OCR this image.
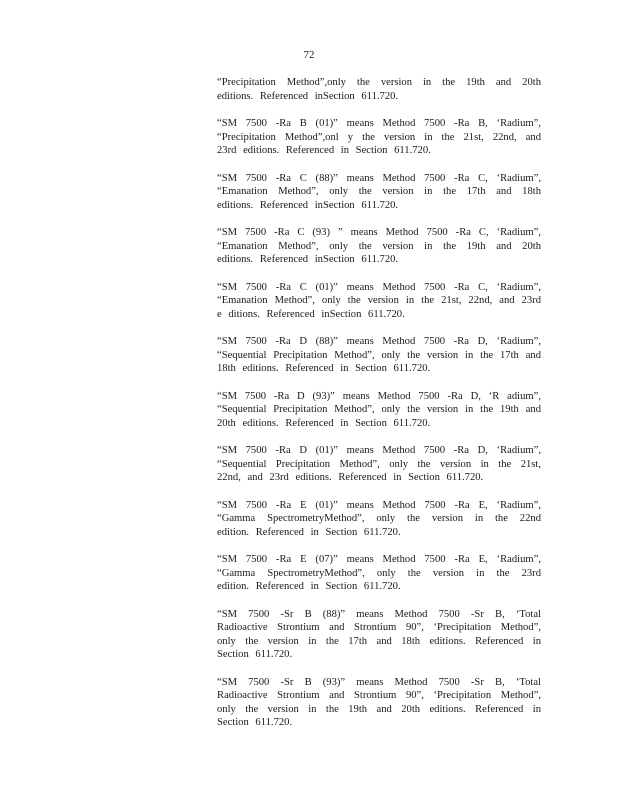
72
“Precipitation Method”,only the version in the 19th and 20th
editions. Referenced inSection 611.720.
“SM 7500 -Ra B (01)” means Method 7500 -Ra B, ‘Radium”,
“Precipitation Method”,onl y the version in the 21st, 22nd, and
23rd editions. Referenced in Section 611.720.
“SM 7500 -Ra C (88)” means Method 7500 -Ra C, ‘Radium”,
“Emanation Method”, only the version in the 17th and 18th
editions. Referenced inSection 611.720.
“SM 7500 -Ra C (93) ” means Method 7500 -Ra C, ‘Radium”,
“Emanation Method”, only the version in the 19th and 20th
editions. Referenced inSection 611.720.
“SM 7500 -Ra C (01)” means Method 7500 -Ra C, ‘Radium”,
“Emanation Method”, only the version in the 21st, 22nd, and 23rd
e ditions. Referenced inSection 611.720.
“SM 7500 -Ra D (88)” means Method 7500 -Ra D, ‘Radium”,
“Sequential Precipitation Method”, only the version in the 17th and
18th editions. Referenced in Section 611.720.
“SM 7500 -Ra D (93)” means Method 7500 -Ra D, ‘R adium”,
“Sequential Precipitation Method”, only the version in the 19th and
20th editions. Referenced in Section 611.720.
“SM 7500 -Ra D (01)” means Method 7500 -Ra D, ‘Radium”,
“Sequential Precipitation Method”, only the version in the 21st,
22nd, and 23rd editions. Referenced in Section 611.720.
“SM 7500 -Ra E (01)” means Method 7500 -Ra E, ‘Radium”,
“Gamma SpectrometryMethod”, only the version in the 22nd
edition. Referenced in Section 611.720.
“SM 7500 -Ra E (07)” means Method 7500 -Ra E, ‘Radium”,
“Gamma SpectrometryMethod”, only the version in the 23rd
edition. Referenced in Section 611.720.
“SM 7500 -Sr B (88)” means Method 7500 -Sr B, ‘Total
Radioactive Strontium and Strontium 90”, ‘Precipitation Method”,
only the version in the 17th and 18th editions. Referenced in
Section 611.720.
“SM 7500 -Sr B (93)” means Method 7500 -Sr B, ‘Total
Radioactive Strontium and Strontium 90”, ‘Precipitation Method”,
only the version in the 19th and 20th editions. Referenced in
Section 611.720.
